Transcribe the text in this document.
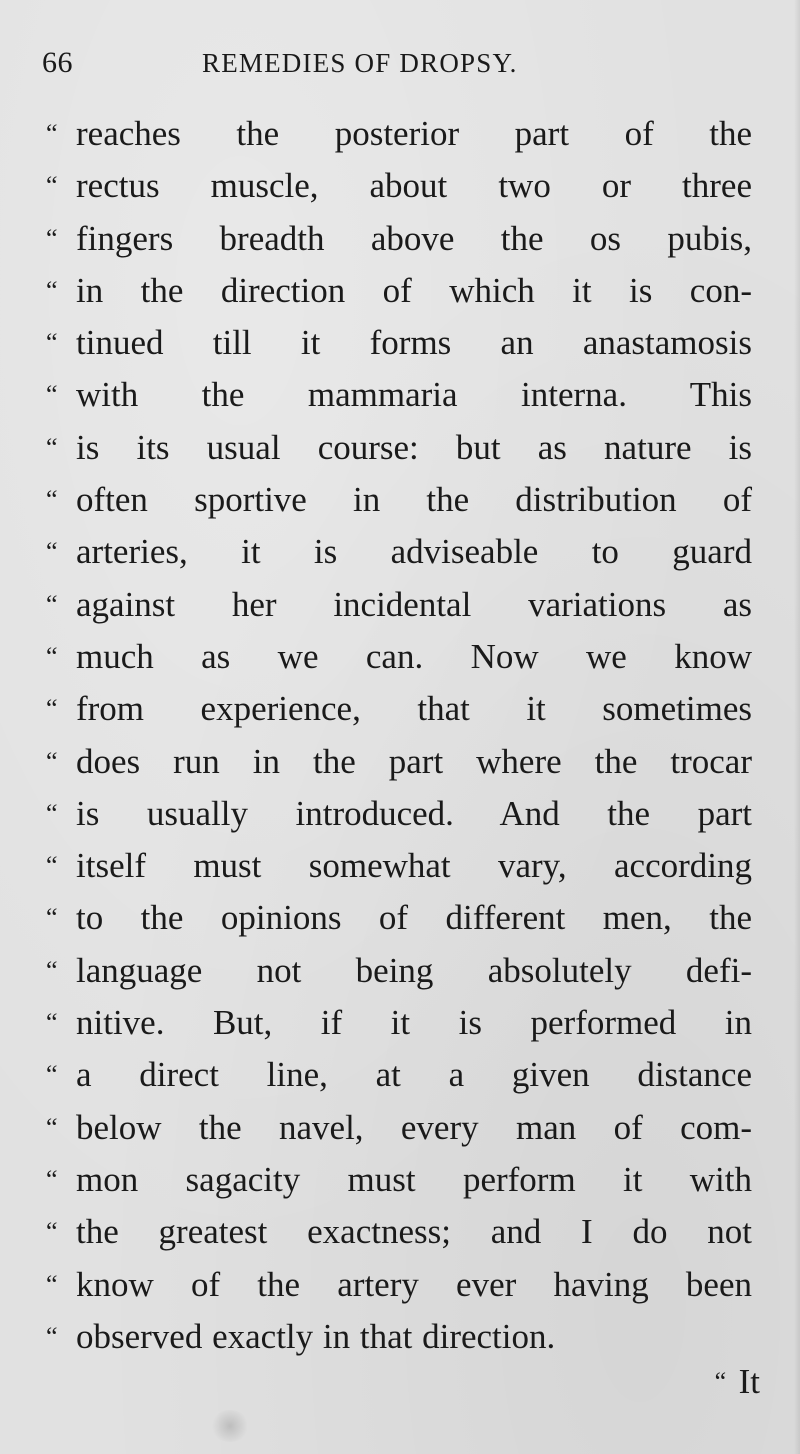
66	REMEDIES OF DROPSY.
“ reaches the posterior part of the
“ rectus muscle, about two or three
“ fingers breadth above the os pubis,
“ in the direction of which it is con-
“ tinued till it forms an anastamosis
“ with the mammaria interna. This
“ is its usual course: but as nature is
“ often sportive in the distribution of
“ arteries, it is adviseable to guard
“ against her incidental variations as
“ much as we can. Now we know
“ from experience, that it sometimes
“ does run in the part where the trocar
“ is usually introduced. And the part
“ itself must somewhat vary, according
“ to the opinions of different men, the
“ language not being absolutely defi-
“ nitive. But, if it is performed in
“ a direct line, at a given distance
“ below the navel, every man of com-
“ mon sagacity must perform it with
“ the greatest exactness; and I do not
“ know of the artery ever having been
“ observed exactly in that direction.
“ It
